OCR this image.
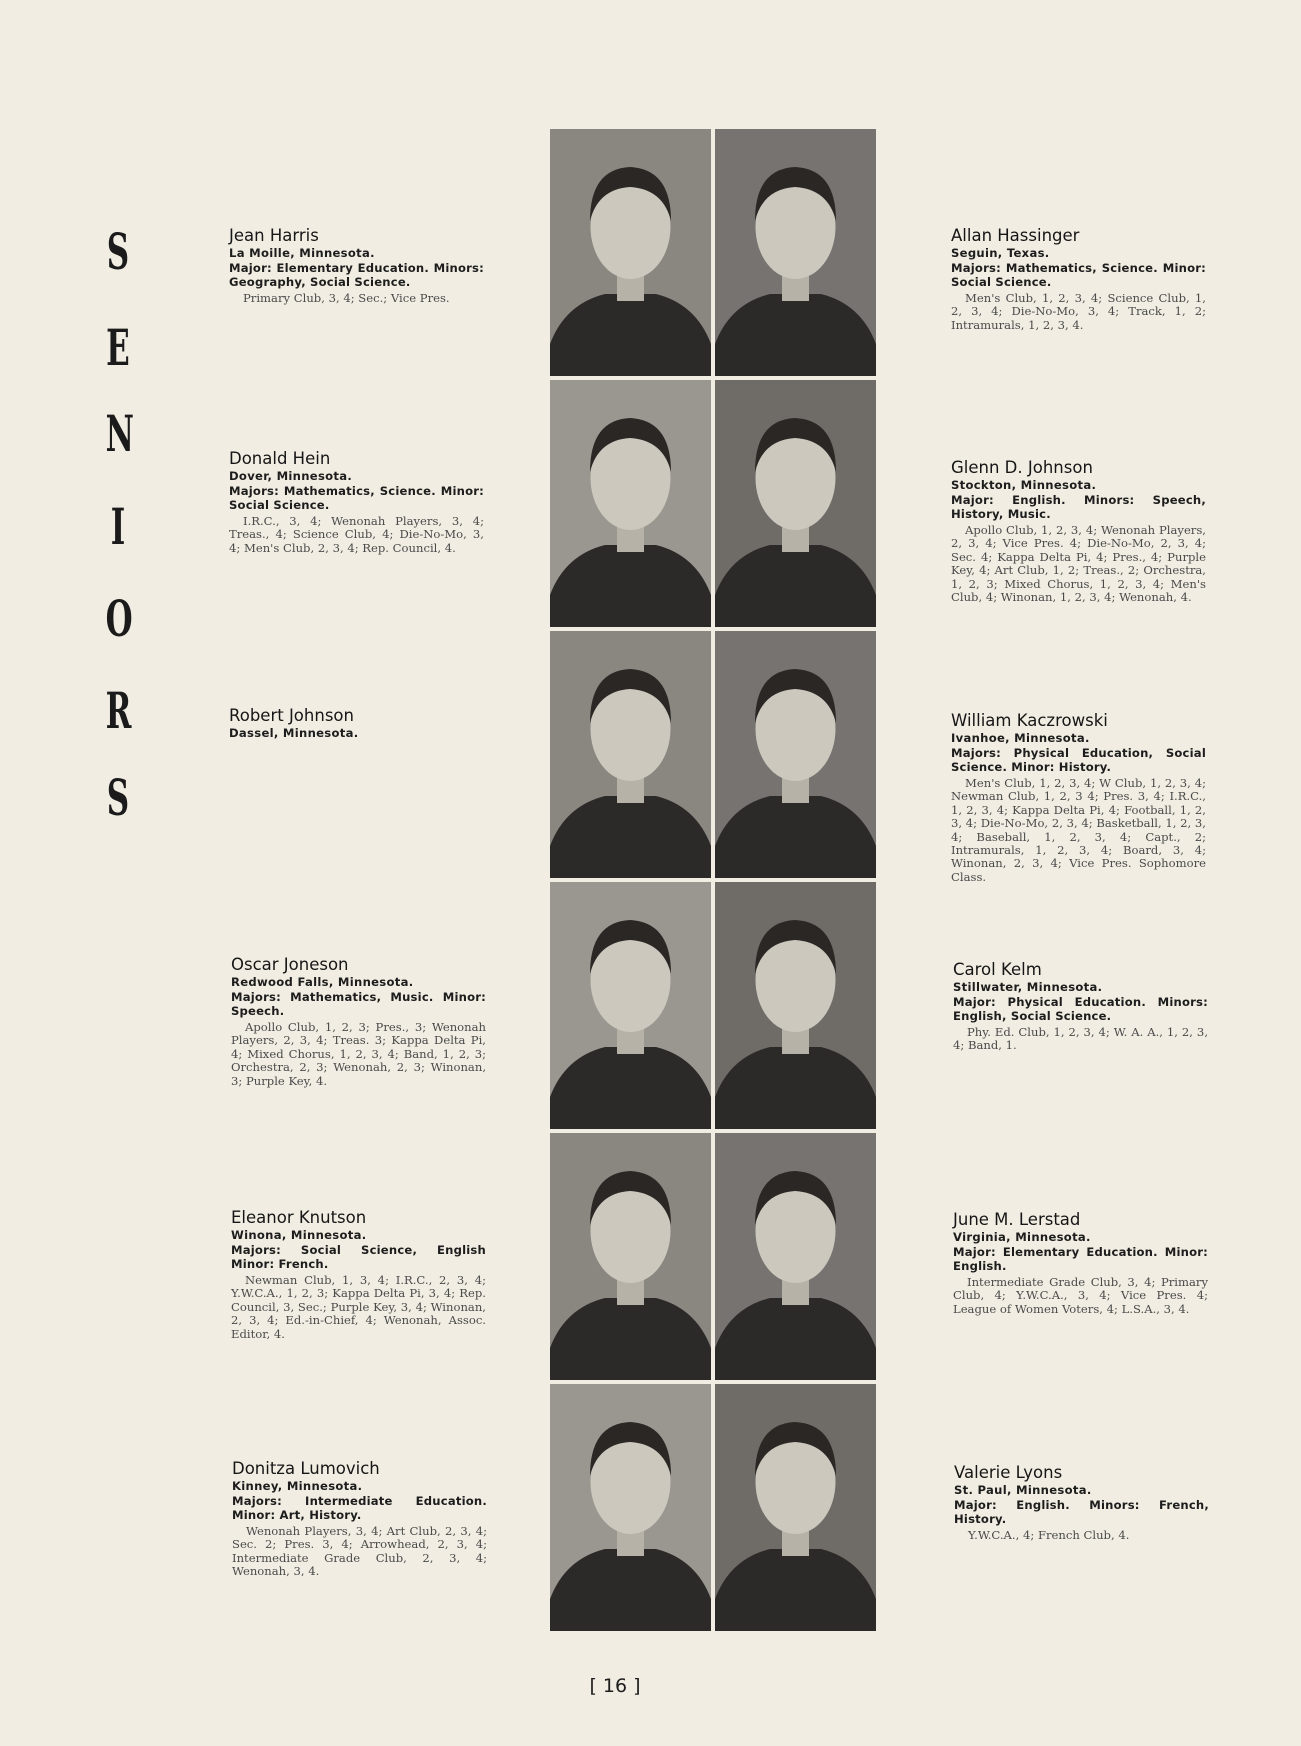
S
E
N
I
O
R
S
Jean Harris
La Moille, Minnesota.
Major: Elementary Education. Minors: Geography, Social Science.
Primary Club, 3, 4; Sec.; Vice Pres.
Donald Hein
Dover, Minnesota.
Majors: Mathematics, Science. Minor: Social Science.
I.R.C., 3, 4; Wenonah Players, 3, 4; Treas., 4; Science Club, 4; Die-No-Mo, 3, 4; Men's Club, 2, 3, 4; Rep. Council, 4.
Robert Johnson
Dassel, Minnesota.
Oscar Joneson
Redwood Falls, Minnesota.
Majors: Mathematics, Music. Minor: Speech.
Apollo Club, 1, 2, 3; Pres., 3; Wenonah Players, 2, 3, 4; Treas. 3; Kappa Delta Pi, 4; Mixed Chorus, 1, 2, 3, 4; Band, 1, 2, 3; Orchestra, 2, 3; Wenonah, 2, 3; Winonan, 3; Purple Key, 4.
Eleanor Knutson
Winona, Minnesota.
Majors: Social Science, English Minor: French.
Newman Club, 1, 3, 4; I.R.C., 2, 3, 4; Y.W.C.A., 1, 2, 3; Kappa Delta Pi, 3, 4; Rep. Council, 3, Sec.; Purple Key, 3, 4; Winonan, 2, 3, 4; Ed.-in-Chief, 4; Wenonah, Assoc. Editor, 4.
Donitza Lumovich
Kinney, Minnesota.
Majors: Intermediate Education. Minor: Art, History.
Wenonah Players, 3, 4; Art Club, 2, 3, 4; Sec. 2; Pres. 3, 4; Arrowhead, 2, 3, 4; Intermediate Grade Club, 2, 3, 4; Wenonah, 3, 4.
Allan Hassinger
Seguin, Texas.
Majors: Mathematics, Science. Minor: Social Science.
Men's Club, 1, 2, 3, 4; Science Club, 1, 2, 3, 4; Die-No-Mo, 3, 4; Track, 1, 2; Intramurals, 1, 2, 3, 4.
Glenn D. Johnson
Stockton, Minnesota.
Major: English. Minors: Speech, History, Music.
Apollo Club, 1, 2, 3, 4; Wenonah Players, 2, 3, 4; Vice Pres. 4; Die-No-Mo, 2, 3, 4; Sec. 4; Kappa Delta Pi, 4; Pres., 4; Purple Key, 4; Art Club, 1, 2; Treas., 2; Orchestra, 1, 2, 3; Mixed Chorus, 1, 2, 3, 4; Men's Club, 4; Winonan, 1, 2, 3, 4; Wenonah, 4.
William Kaczrowski
Ivanhoe, Minnesota.
Majors: Physical Education, Social Science. Minor: History.
Men's Club, 1, 2, 3, 4; W Club, 1, 2, 3, 4; Newman Club, 1, 2, 3 4; Pres. 3, 4; I.R.C., 1, 2, 3, 4; Kappa Delta Pi, 4; Football, 1, 2, 3, 4; Die-No-Mo, 2, 3, 4; Basketball, 1, 2, 3, 4; Baseball, 1, 2, 3, 4; Capt., 2; Intramurals, 1, 2, 3, 4; Board, 3, 4; Winonan, 2, 3, 4; Vice Pres. Sophomore Class.
Carol Kelm
Stillwater, Minnesota.
Major: Physical Education. Minors: English, Social Science.
Phy. Ed. Club, 1, 2, 3, 4; W. A. A., 1, 2, 3, 4; Band, 1.
June M. Lerstad
Virginia, Minnesota.
Major: Elementary Education. Minor: English.
Intermediate Grade Club, 3, 4; Primary Club, 4; Y.W.C.A., 3, 4; Vice Pres. 4; League of Women Voters, 4; L.S.A., 3, 4.
Valerie Lyons
St. Paul, Minnesota.
Major: English. Minors: French, History.
Y.W.C.A., 4; French Club, 4.
[ 16 ]
